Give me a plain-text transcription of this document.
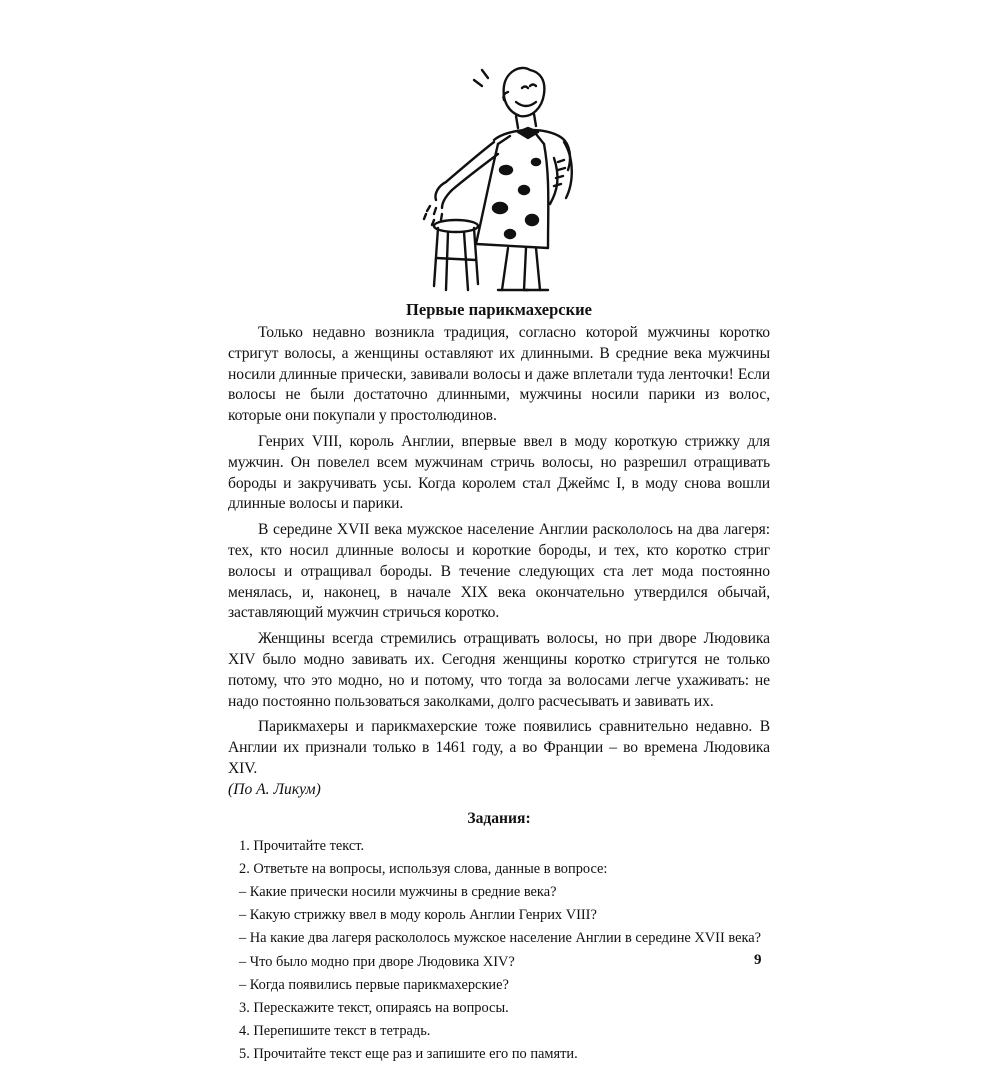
Первые парикмахерские

Только недавно возникла традиция, согласно которой мужчины коротко стригут волосы, а женщины оставляют их длинными. В средние века мужчины носили длинные прически, завивали волосы и даже вплетали туда ленточки! Если волосы не были достаточно длинными, мужчины носили парики из волос, которые они покупали у простолюдинов.

Генрих VIII, король Англии, впервые ввел в моду короткую стрижку для мужчин. Он повелел всем мужчинам стричь волосы, но разрешил отращивать бороды и закручивать усы. Когда королем стал Джеймс I, в моду снова вошли длинные волосы и парики.

В середине XVII века мужское население Англии раскололось на два лагеря: тех, кто носил длинные волосы и короткие бороды, и тех, кто коротко стриг волосы и отращивал бороды. В течение следующих ста лет мода постоянно менялась, и, наконец, в начале XIX века окончательно утвердился обычай, заставляющий мужчин стричься коротко.

Женщины всегда стремились отращивать волосы, но при дворе Людовика XIV было модно завивать их. Сегодня женщины коротко стригутся не только потому, что это модно, но и потому, что тогда за волосами легче ухаживать: не надо постоянно пользоваться заколками, долго расчесывать и завивать их.

Парикмахеры и парикмахерские тоже появились сравнительно недавно. В Англии их признали только в 1461 году, а во Франции – во времена Людовика XIV.

(По А. Ликум)

Задания:
1. Прочитайте текст.
2. Ответьте на вопросы, используя слова, данные в вопросе:
– Какие прически носили мужчины в средние века?
– Какую стрижку ввел в моду король Англии Генрих VIII?
– На какие два лагеря раскололось мужское население Англии в середине XVII века?
– Что было модно при дворе Людовика XIV?
– Когда появились первые парикмахерские?
3. Перескажите текст, опираясь на вопросы.
4. Перепишите текст в тетрадь.
5. Прочитайте текст еще раз и запишите его по памяти.
9
